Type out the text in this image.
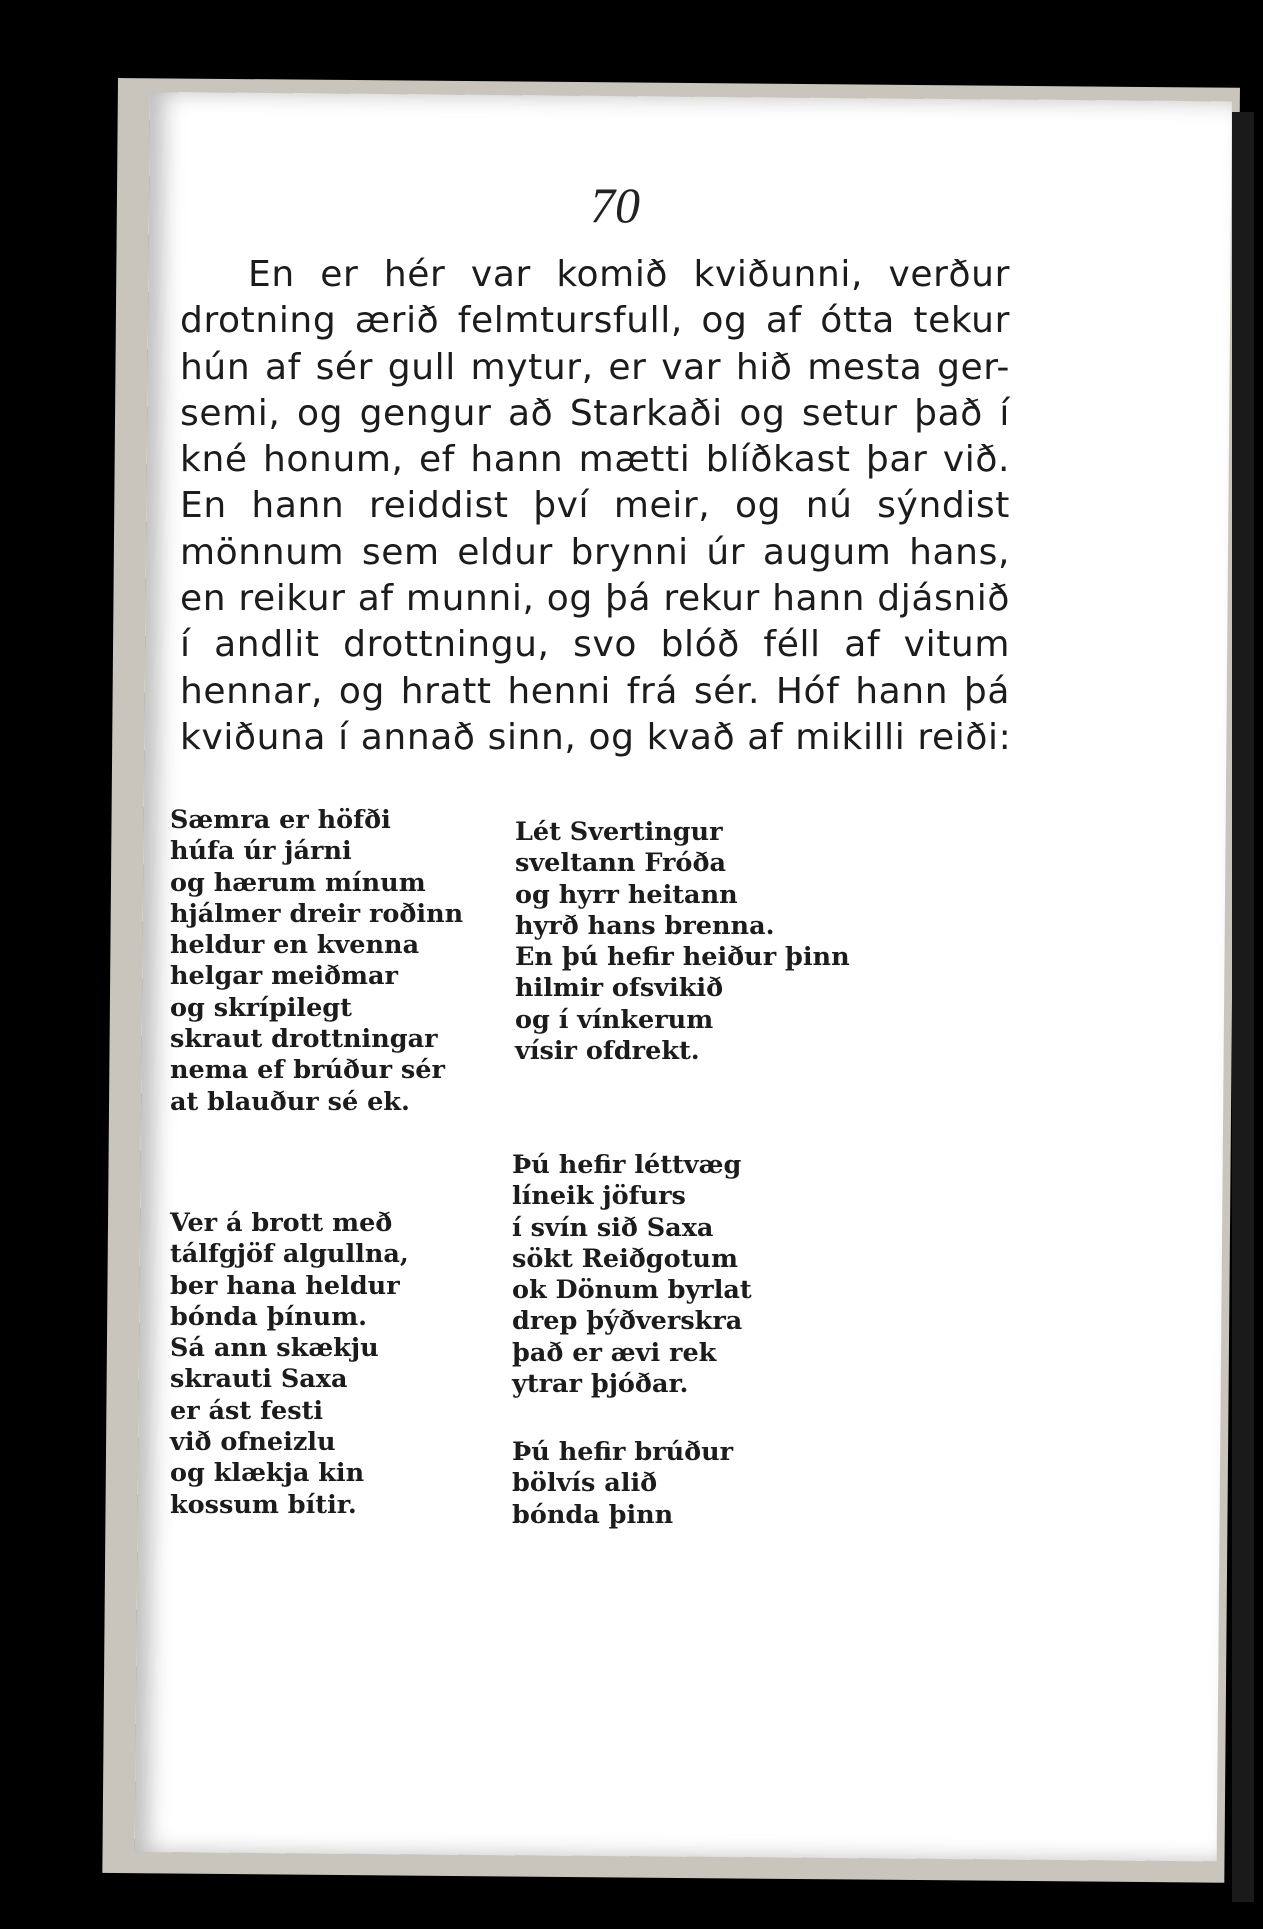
70
En er hér var komið kviðunni, verður
drotning ærið felmtursfull, og af ótta tekur
hún af sér gull mytur, er var hið mesta ger-
semi, og gengur að Starkaði og setur það í
kné honum, ef hann mætti blíðkast þar við.
En hann reiddist því meir, og nú sýndist
mönnum sem eldur brynni úr augum hans,
en reikur af munni, og þá rekur hann djásnið
í andlit drottningu, svo blóð féll af vitum
hennar, og hratt henni frá sér. Hóf hann þá
kviðuna í annað sinn, og kvað af mikilli reiði:
Sæmra er höfði
húfa úr járni
og hærum mínum
hjálmer dreir roðinn
heldur en kvenna
helgar meiðmar
og skrípilegt
skraut drottningar
nema ef brúður sér
at blauður sé ek.
Ver á brott með
tálfgjöf algullna,
ber hana heldur
bónda þínum.
Sá ann skækju
skrauti Saxa
er ást festi
við ofneizlu
og klækja kin
kossum bítir.
Lét Svertingur
sveltann Fróða
og hyrr heitann
hyrð hans brenna.
En þú hefir heiður þinn
hilmir ofsvikið
og í vínkerum
vísir ofdrekt.
Þú hefir léttvæg
líneik jöfurs
í svín sið Saxa
sökt Reiðgotum
ok Dönum byrlat
drep þýðverskra
það er ævi rek
ytrar þjóðar.
Þú hefir brúður
bölvís alið
bónda þinn
